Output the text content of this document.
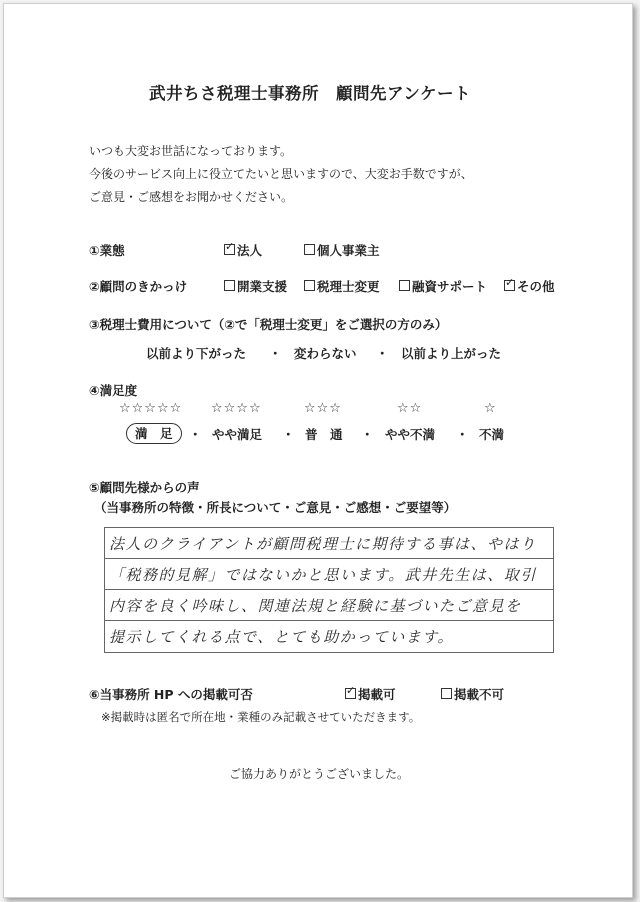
武井ちさ税理士事務所　顧問先アンケート
いつも大変お世話になっております。
今後のサービス向上に役立てたいと思いますので、大変お手数ですが、
ご意見・ご感想をお聞かせください。
①業態 ✓	法人	個人事業主
②顧問のきかっけ	開業支援	税理士変更	融資サポート ✓	その他
③税理士費用について（②で「税理士変更」をご選択の方のみ）
以前より下がった ・ 変わらない ・ 以前より上がった
④満足度
☆☆☆☆☆ ☆☆☆☆	☆☆☆	☆☆	☆
満　足	・ やや満足 ・ 普　通 ・ やや不満 ・ 不満
⑤顧問先様からの声
（当事務所の特徴・所長について・ご意見・ご感想・ご要望等）
法人のクライアントが顧問税理士に期待する事は、やはり
「税務的見解」ではないかと思います。武井先生は、取引
内容を良く吟味し、関連法規と経験に基づいたご意見を
提示してくれる点で、とても助かっています。
⑥当事務所 HP への掲載可否 ✓	掲載可	掲載不可
※掲載時は匿名で所在地・業種のみ記載させていただきます。
ご協力ありがとうございました。
